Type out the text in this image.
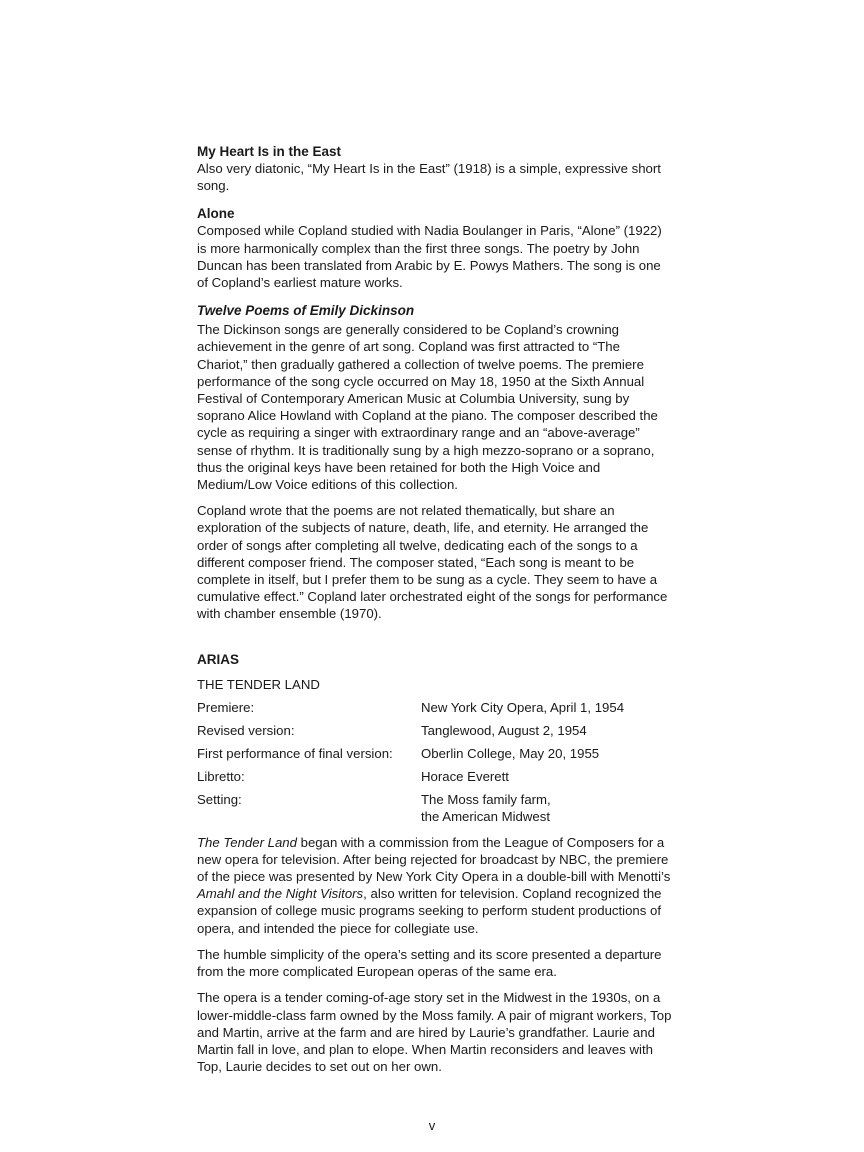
My Heart Is in the East

Also very diatonic, “My Heart Is in the East” (1918) is a simple, expressive short song.

Alone

Composed while Copland studied with Nadia Boulanger in Paris, “Alone” (1922) is more harmonically complex than the first three songs. The poetry by John Duncan has been translated from Arabic by E. Powys Mathers. The song is one of Copland’s earliest mature works.

Twelve Poems of Emily Dickinson

The Dickinson songs are generally considered to be Copland’s crowning achievement in the genre of art song. Copland was first attracted to “The Chariot,” then gradually gathered a collection of twelve poems. The premiere performance of the song cycle occurred on May 18, 1950 at the Sixth Annual Festival of Contemporary American Music at Columbia University, sung by soprano Alice Howland with Copland at the piano. The composer described the cycle as requiring a singer with extraordinary range and an “above-average” sense of rhythm. It is traditionally sung by a high mezzo-soprano or a soprano, thus the original keys have been retained for both the High Voice and Medium/Low Voice editions of this collection.

Copland wrote that the poems are not related thematically, but share an exploration of the subjects of nature, death, life, and eternity. He arranged the order of songs after completing all twelve, dedicating each of the songs to a different composer friend. The composer stated, “Each song is meant to be complete in itself, but I prefer them to be sung as a cycle. They seem to have a cumulative effect.” Copland later orchestrated eight of the songs for performance with chamber ensemble (1970).

ARIAS
THE TENDER LAND
Premiere:	New York City Opera, April 1, 1954
Revised version:	Tanglewood, August 2, 1954
First performance of final version:	Oberlin College, May 20, 1955
Libretto:	Horace Everett
Setting:	The Moss family farm,
the American Midwest

The Tender Land began with a commission from the League of Composers for a new opera for television. After being rejected for broadcast by NBC, the premiere of the piece was presented by New York City Opera in a double-bill with Menotti’s Amahl and the Night Visitors, also written for television. Copland recognized the expansion of college music programs seeking to perform student productions of opera, and intended the piece for collegiate use.

The humble simplicity of the opera’s setting and its score presented a departure from the more complicated European operas of the same era.

The opera is a tender coming-of-age story set in the Midwest in the 1930s, on a lower-middle-class farm owned by the Moss family. A pair of migrant workers, Top and Martin, arrive at the farm and are hired by Laurie’s grandfather. Laurie and Martin fall in love, and plan to elope. When Martin reconsiders and leaves with Top, Laurie decides to set out on her own.

v
